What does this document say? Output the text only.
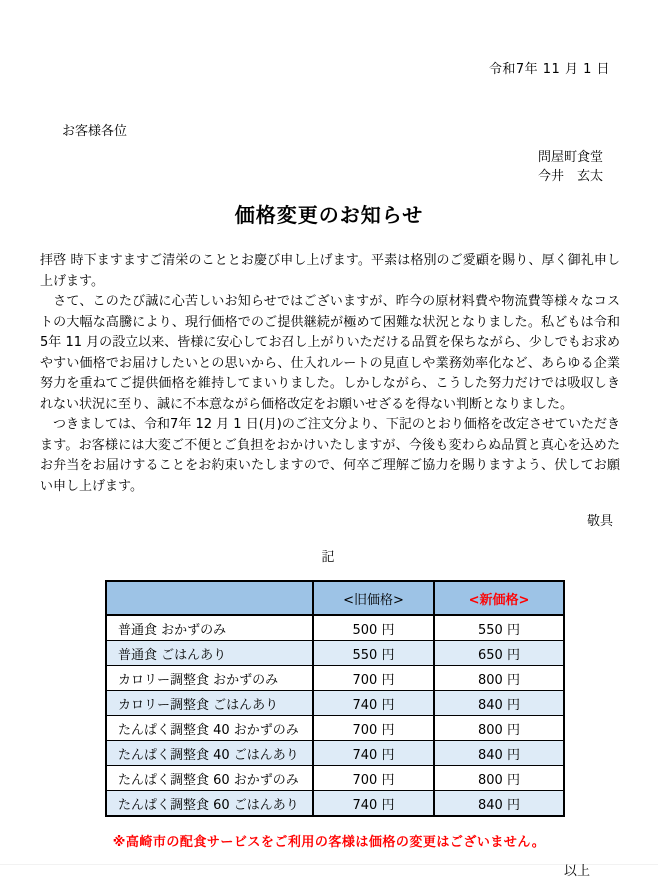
令和7年 11 月 1 日
お客様各位
問屋町食堂
今井　玄太
価格変更のお知らせ

拝啓 時下ますますご清栄のこととお慶び申し上げます。平素は格別のご愛顧を賜り、厚く御礼申し上げます。

　さて、このたび誠に心苦しいお知らせではございますが、昨今の原材料費や物流費等様々なコストの大幅な高騰により、現行価格でのご提供継続が極めて困難な状況となりました。私どもは令和5年 11 月の設立以来、皆様に安心してお召し上がりいただける品質を保ちながら、少しでもお求めやすい価格でお届けしたいとの思いから、仕入れルートの見直しや業務効率化など、あらゆる企業努力を重ねてご提供価格を維持してまいりました。しかしながら、こうした努力だけでは吸収しきれない状況に至り、誠に不本意ながら価格改定をお願いせざるを得ない判断となりました。

　つきましては、令和7年 12 月 1 日(月)のご注文分より、下記のとおり価格を改定させていただきます。お客様には大変ご不便とご負担をおかけいたしますが、今後も変わらぬ品質と真心を込めたお弁当をお届けすることをお約束いたしますので、何卒ご理解ご協力を賜りますよう、伏してお願い申し上げます。

敬具
記
	<旧価格>	<新価格>
普通食 おかずのみ	500 円	550 円
普通食 ごはんあり	550 円	650 円
カロリー調整食 おかずのみ	700 円	800 円
カロリー調整食 ごはんあり	740 円	840 円
たんぱく調整食 40 おかずのみ	700 円	800 円
たんぱく調整食 40 ごはんあり	740 円	840 円
たんぱく調整食 60 おかずのみ	700 円	800 円
たんぱく調整食 60 ごはんあり	740 円	840 円
※高崎市の配食サービスをご利用の客様は価格の変更はございません。
以上
